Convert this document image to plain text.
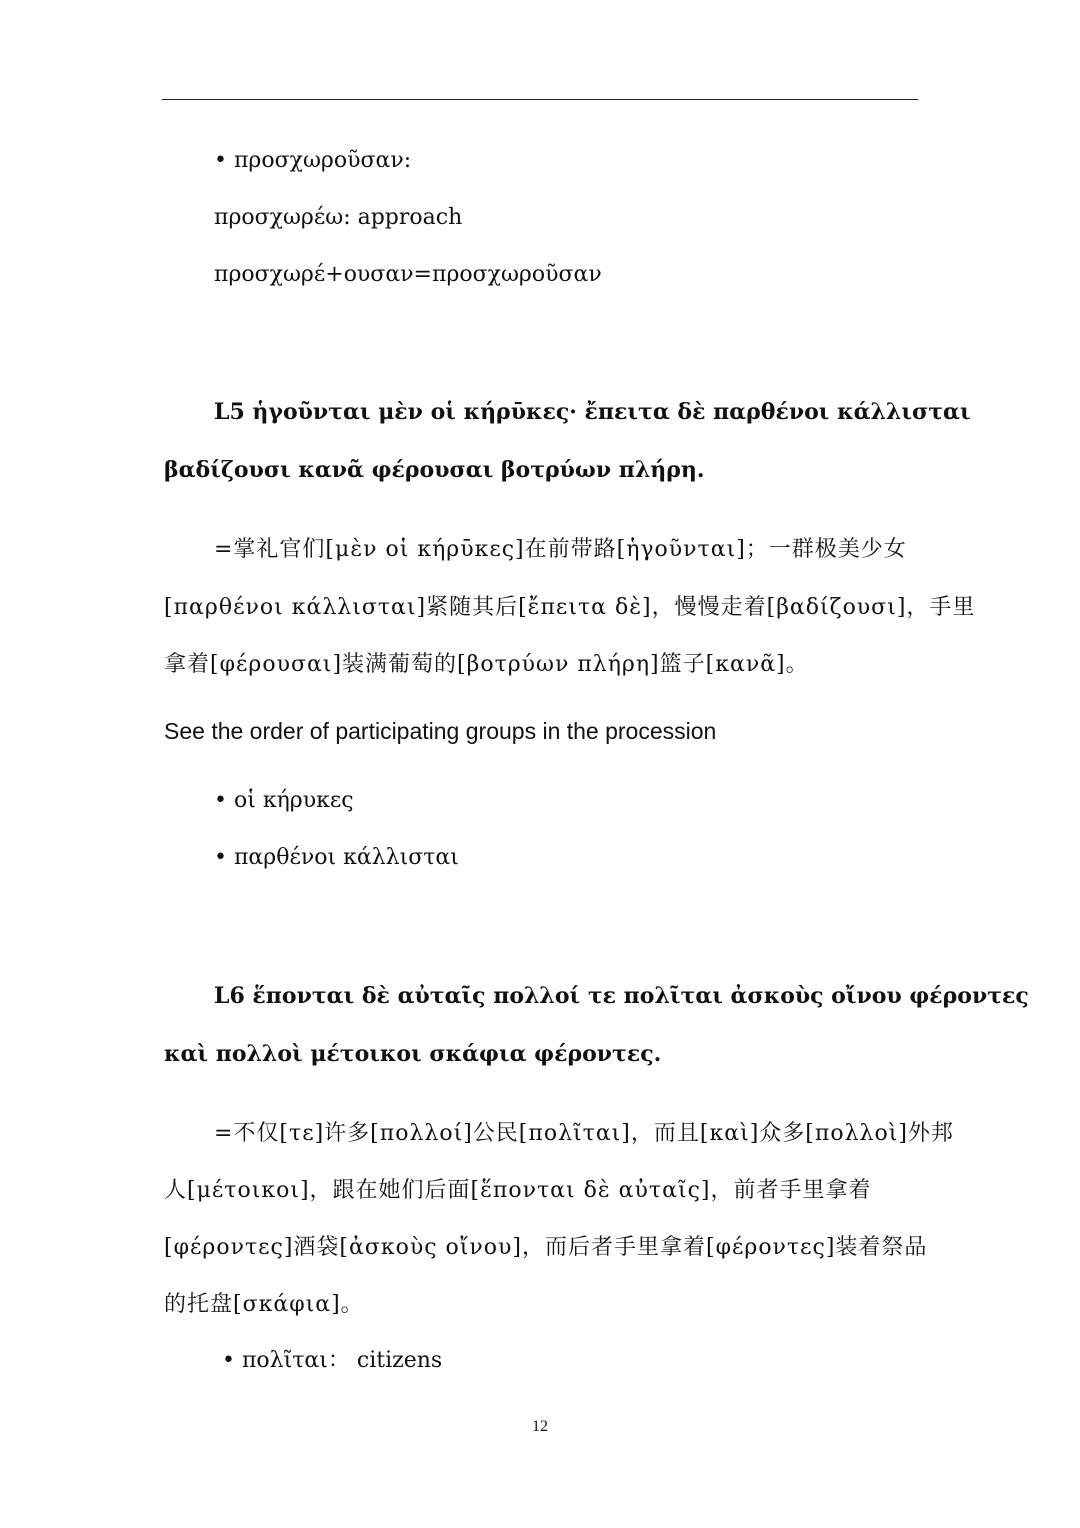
• προσχωροῦσαν:
προσχωρέω: approach
προσχωρέ+ουσαν=προσχωροῦσαν
L5 ἡγοῦνται μὲν οἱ κήρῡκες· ἔπειτα δὲ παρθένοι κάλλισται
βαδίζουσι κανᾶ φέρουσαι βοτρύων πλήρη.
=掌礼官们[μὲν οἱ κήρῡκες]在前带路[ἡγοῦνται]；一群极美少女
[παρθένοι κάλλισται]紧随其后[ἔπειτα δὲ]，慢慢走着[βαδίζουσι]，手里
拿着[φέρουσαι]装满葡萄的[βοτρύων πλήρη]篮子[κανᾶ]。
See the order of participating groups in the procession
• οἱ κήρυκες
• παρθένοι κάλλισται
L6 ἕπονται δὲ αὐταῖς πολλοί τε πολῖται ἀσκοὺς οἴνου φέροντες
καὶ πολλοὶ μέτοικοι σκάφια φέροντες.
=不仅[τε]许多[πολλοί]公民[πολῖται]，而且[καὶ]众多[πολλοὶ]外邦
人[μέτοικοι]，跟在她们后面[ἕπονται δὲ αὐταῖς]，前者手里拿着
[φέροντες]酒袋[ἀσκοὺς οἴνου]，而后者手里拿着[φέροντες]装着祭品
的托盘[σκάφια]。
• πολῖται： citizens
12
